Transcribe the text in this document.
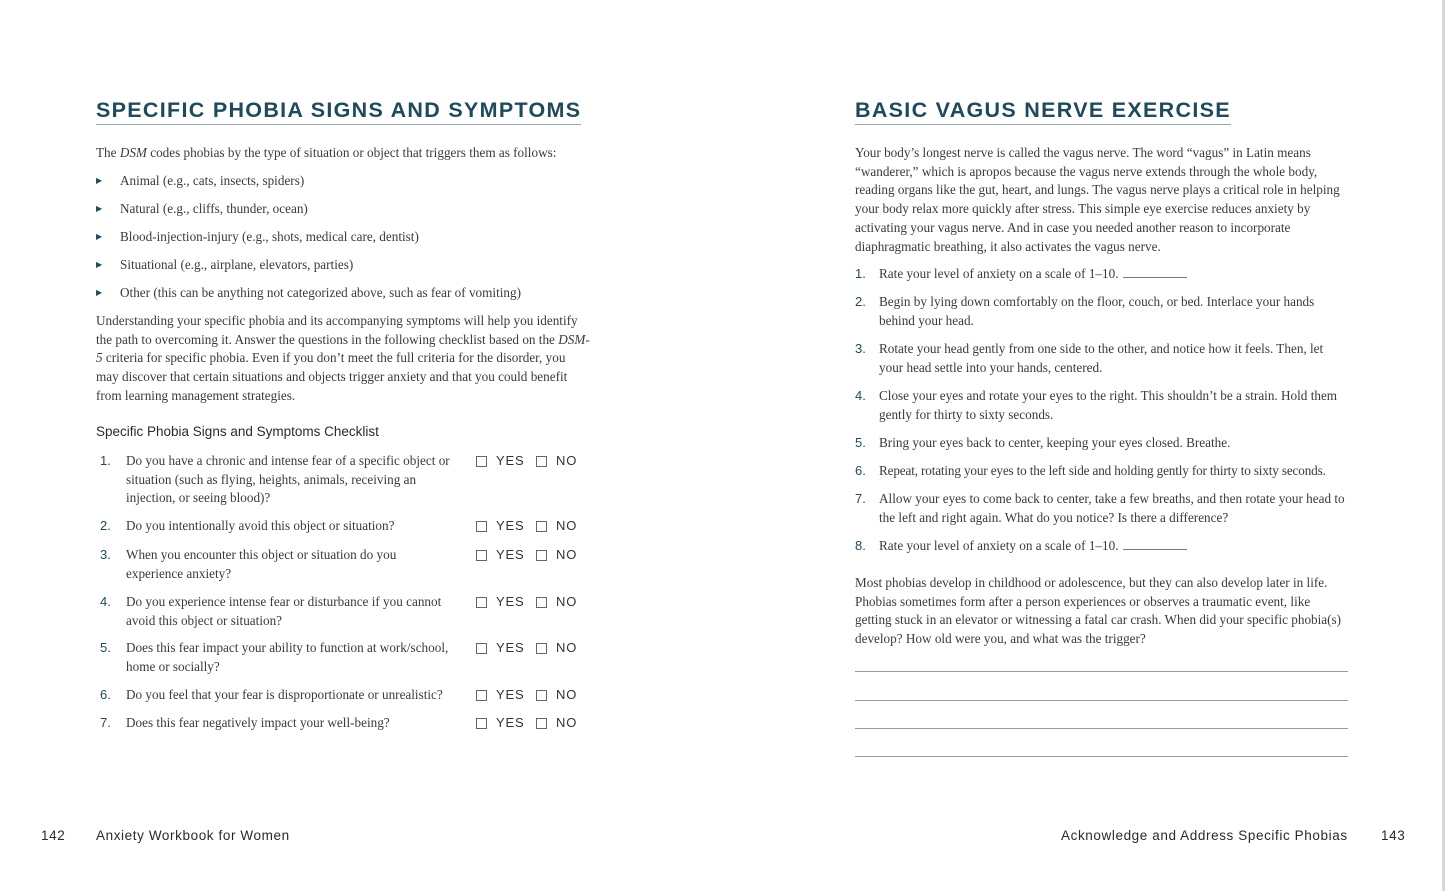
SPECIFIC PHOBIA SIGNS AND SYMPTOMS
The DSM codes phobias by the type of situation or object that triggers them as follows:
▶ Animal (e.g., cats, insects, spiders)
▶ Natural (e.g., cliffs, thunder, ocean)
▶ Blood-injection-injury (e.g., shots, medical care, dentist)
▶ Situational (e.g., airplane, elevators, parties)
▶ Other (this can be anything not categorized above, such as fear of vomiting)
Understanding your specific phobia and its accompanying symptoms will help you identify the path to overcoming it. Answer the questions in the following checklist based on the DSM-5 criteria for specific phobia. Even if you don’t meet the full criteria for the disorder, you may discover that certain situations and objects trigger anxiety and that you could benefit from learning management strategies.
Specific Phobia Signs and Symptoms Checklist
1. Do you have a chronic and intense fear of a specific object or situation (such as flying, heights, animals, receiving an injection, or seeing blood)?
YES NO
2. Do you intentionally avoid this object or situation?	YES NO
3. When you encounter this object or situation do you experience anxiety?
YES NO
4. Do you experience intense fear or disturbance if you cannot avoid this object or situation?
YES NO
5. Does this fear impact your ability to function at work/school, home or socially?
YES NO
6. Do you feel that your fear is disproportionate or unrealistic?	YES NO
7. Does this fear negatively impact your well-being?	YES NO
142 Anxiety Workbook for Women
BASIC VAGUS NERVE EXERCISE
Your body’s longest nerve is called the vagus nerve. The word “vagus” in Latin means “wanderer,” which is apropos because the vagus nerve extends through the whole body, reading organs like the gut, heart, and lungs. The vagus nerve plays a critical role in helping your body relax more quickly after stress. This simple eye exercise reduces anxiety by activating your vagus nerve. And in case you needed another reason to incorporate diaphragmatic breathing, it also activates the vagus nerve.
1. Rate your level of anxiety on a scale of 1–10.
2. Begin by lying down comfortably on the floor, couch, or bed. Interlace your hands behind your head.
3. Rotate your head gently from one side to the other, and notice how it feels. Then, let your head settle into your hands, centered.
4. Close your eyes and rotate your eyes to the right. This shouldn’t be a strain. Hold them gently for thirty to sixty seconds.
5. Bring your eyes back to center, keeping your eyes closed. Breathe.
6. Repeat, rotating your eyes to the left side and holding gently for thirty to sixty seconds.
7. Allow your eyes to come back to center, take a few breaths, and then rotate your head to the left and right again. What do you notice? Is there a difference?
8. Rate your level of anxiety on a scale of 1–10.
Most phobias develop in childhood or adolescence, but they can also develop later in life. Phobias sometimes form after a person experiences or observes a traumatic event, like getting stuck in an elevator or witnessing a fatal car crash. When did your specific phobia(s) develop? How old were you, and what was the trigger?
Acknowledge and Address Specific Phobias 143
